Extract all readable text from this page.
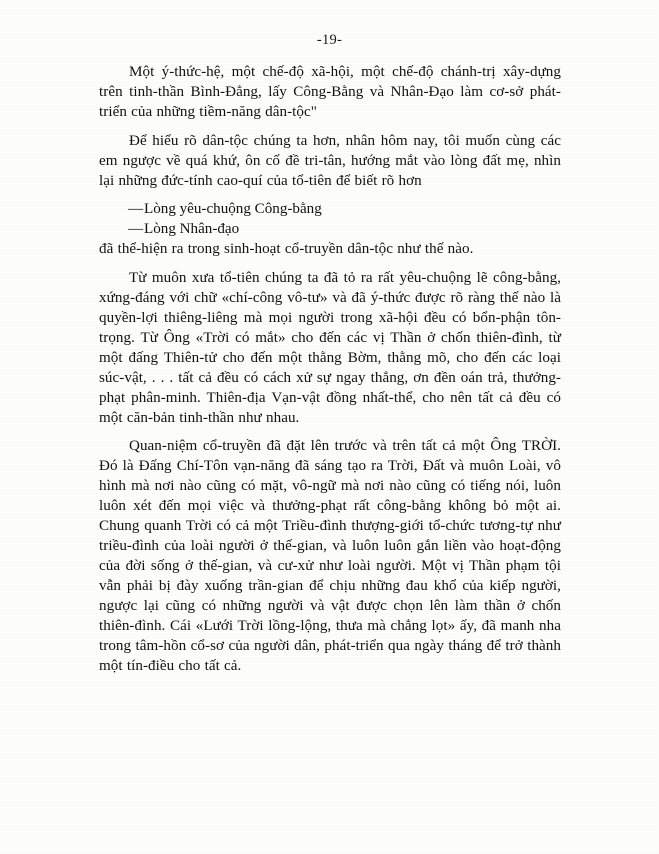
-19-

Một ý-thức-hệ, một chế-độ xã-hội, một chế-độ chánh-trị xây-dựng trên tinh-thần Bình-Đẳng, lấy Công-Bằng và Nhân-Đạo làm cơ-sở phát-triển của những tiềm-năng dân-tộc"

Để hiểu rõ dân-tộc chúng ta hơn, nhân hôm nay, tôi muốn cùng các em ngược về quá khứ, ôn cố đề tri-tân, hướng mắt vào lòng đất mẹ, nhìn lại những đức-tính cao-quí của tổ-tiên để biết rõ hơn

—Lòng yêu-chuộng Công-bằng
—Lòng Nhân-đạo

đã thể-hiện ra trong sinh-hoạt cổ-truyền dân-tộc như thế nào.

Từ muôn xưa tổ-tiên chúng ta đã tỏ ra rất yêu-chuộng lẽ công-bằng, xứng-đáng với chữ «chí-công vô-tư» và đã ý-thức được rõ ràng thế nào là quyền-lợi thiêng-liêng mà mọi người trong xã-hội đều có bổn-phận tôn-trọng. Từ Ông «Trời có mắt» cho đến các vị Thần ở chốn thiên-đình, từ một đấng Thiên-tử cho đến một thằng Bờm, thằng mõ, cho đến các loại súc-vật, . . . tất cả đều có cách xử sự ngay thẳng, ơn đền oán trả, thưởng-phạt phân-minh. Thiên-địa Vạn-vật đồng nhất-thể, cho nên tất cả đều có một căn-bản tinh-thần như nhau.

Quan-niệm cổ-truyền đã đặt lên trước và trên tất cả một Ông TRỜI. Đó là Đấng Chí-Tôn vạn-năng đã sáng tạo ra Trời, Đất và muôn Loài, vô hình mà nơi nào cũng có mặt, vô-ngữ mà nơi nào cũng có tiếng nói, luôn luôn xét đến mọi việc và thưởng-phạt rất công-bằng không bỏ một ai. Chung quanh Trời có cả một Triều-đình thượng-giới tổ-chức tương-tự như triều-đình của loài người ở thế-gian, và luôn luôn gắn liền vào hoạt-động của đời sống ở thế-gian, và cư-xử như loài người. Một vị Thần phạm tội vẫn phải bị đày xuống trần-gian để chịu những đau khổ của kiếp người, ngược lại cũng có những người và vật được chọn lên làm thần ở chốn thiên-đình. Cái «Lưới Trời lồng-lộng, thưa mà chẳng lọt» ấy, đã manh nha trong tâm-hồn cổ-sơ của người dân, phát-triển qua ngày tháng để trở thành một tín-điều cho tất cả.
